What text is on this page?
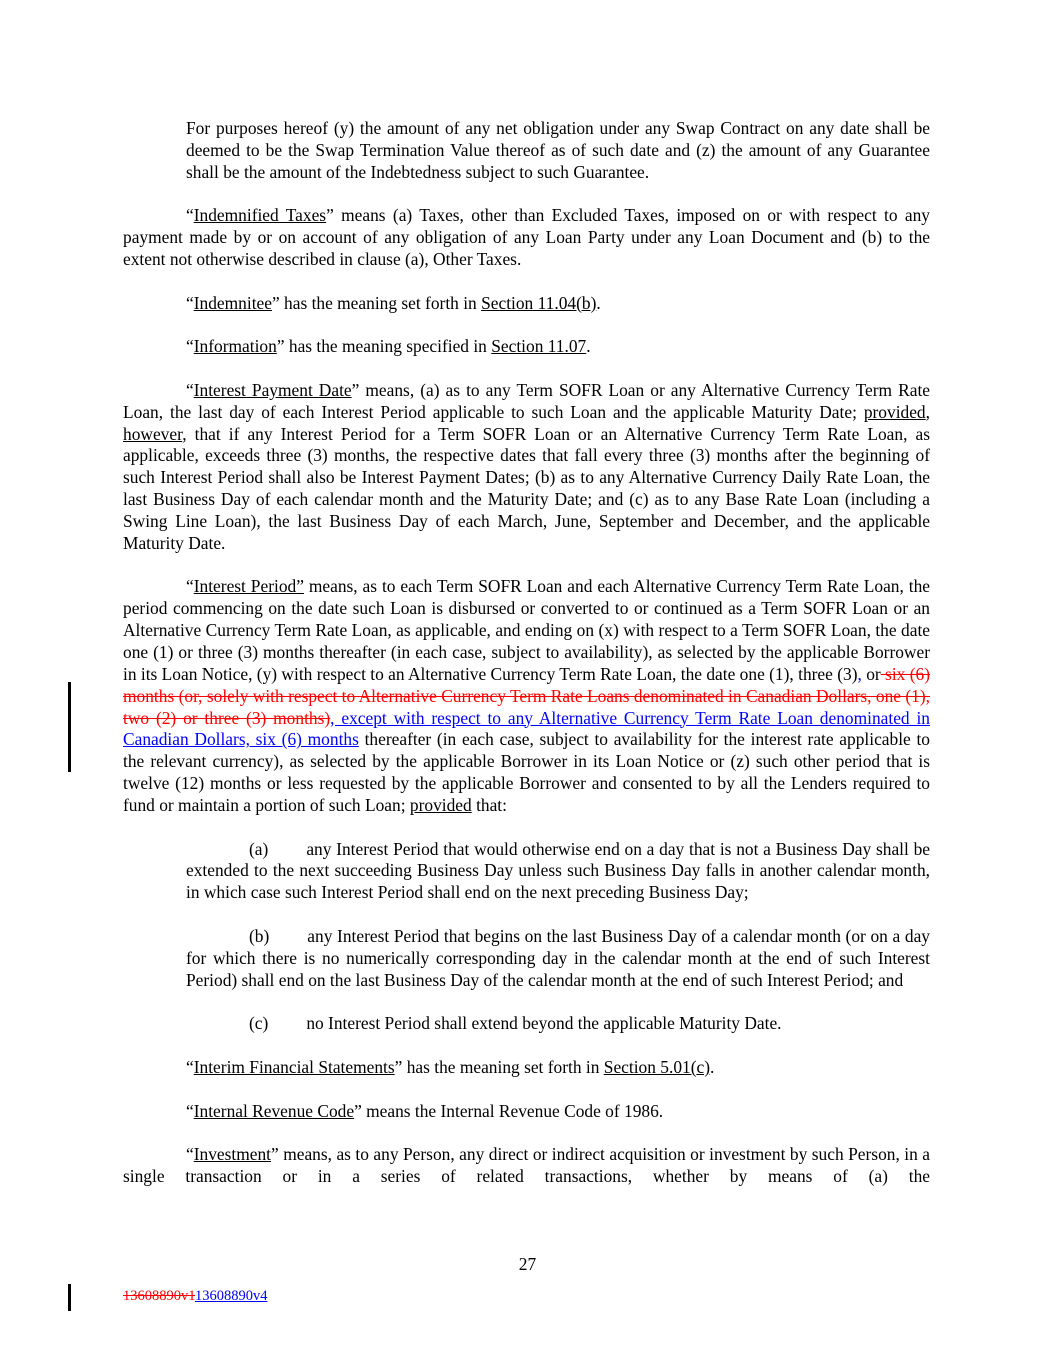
For purposes hereof (y) the amount of any net obligation under any Swap Contract on any date shall be deemed to be the Swap Termination Value thereof as of such date and (z) the amount of any Guarantee shall be the amount of the Indebtedness subject to such Guarantee.

“Indemnified Taxes” means (a) Taxes, other than Excluded Taxes, imposed on or with respect to any payment made by or on account of any obligation of any Loan Party under any Loan Document and (b) to the extent not otherwise described in clause (a), Other Taxes.

“Indemnitee” has the meaning set forth in Section 11.04(b).

“Information” has the meaning specified in Section 11.07.

“Interest Payment Date” means, (a) as to any Term SOFR Loan or any Alternative Currency Term Rate Loan, the last day of each Interest Period applicable to such Loan and the applicable Maturity Date; provided, however, that if any Interest Period for a Term SOFR Loan or an Alternative Currency Term Rate Loan, as applicable, exceeds three (3) months, the respective dates that fall every three (3) months after the beginning of such Interest Period shall also be Interest Payment Dates; (b) as to any Alternative Currency Daily Rate Loan, the last Business Day of each calendar month and the Maturity Date; and (c) as to any Base Rate Loan (including a Swing Line Loan), the last Business Day of each March, June, September and December, and the applicable Maturity Date.

“Interest Period” means, as to each Term SOFR Loan and each Alternative Currency Term Rate Loan, the period commencing on the date such Loan is disbursed or converted to or continued as a Term SOFR Loan or an Alternative Currency Term Rate Loan, as applicable, and ending on (x) with respect to a Term SOFR Loan, the date one (1) or three (3) months thereafter (in each case, subject to availability), as selected by the applicable Borrower in its Loan Notice, (y) with respect to an Alternative Currency Term Rate Loan, the date one (1), three (3), or six (6) months (or, solely with respect to Alternative Currency Term Rate Loans denominated in Canadian Dollars, one (1), two (2) or three (3) months), except with respect to any Alternative Currency Term Rate Loan denominated in Canadian Dollars, six (6) months thereafter (in each case, subject to availability for the interest rate applicable to the relevant currency), as selected by the applicable Borrower in its Loan Notice or (z) such other period that is twelve (12) months or less requested by the applicable Borrower and consented to by all the Lenders required to fund or maintain a portion of such Loan; provided that:

(a) any Interest Period that would otherwise end on a day that is not a Business Day shall be extended to the next succeeding Business Day unless such Business Day falls in another calendar month, in which case such Interest Period shall end on the next preceding Business Day;

(b) any Interest Period that begins on the last Business Day of a calendar month (or on a day for which there is no numerically corresponding day in the calendar month at the end of such Interest Period) shall end on the last Business Day of the calendar month at the end of such Interest Period; and

(c) no Interest Period shall extend beyond the applicable Maturity Date.

“Interim Financial Statements” has the meaning set forth in Section 5.01(c).

“Internal Revenue Code” means the Internal Revenue Code of 1986.

“Investment” means, as to any Person, any direct or indirect acquisition or investment by such Person, in a single transaction or in a series of related transactions, whether by means of (a) the

27
13608890v113608890v4
